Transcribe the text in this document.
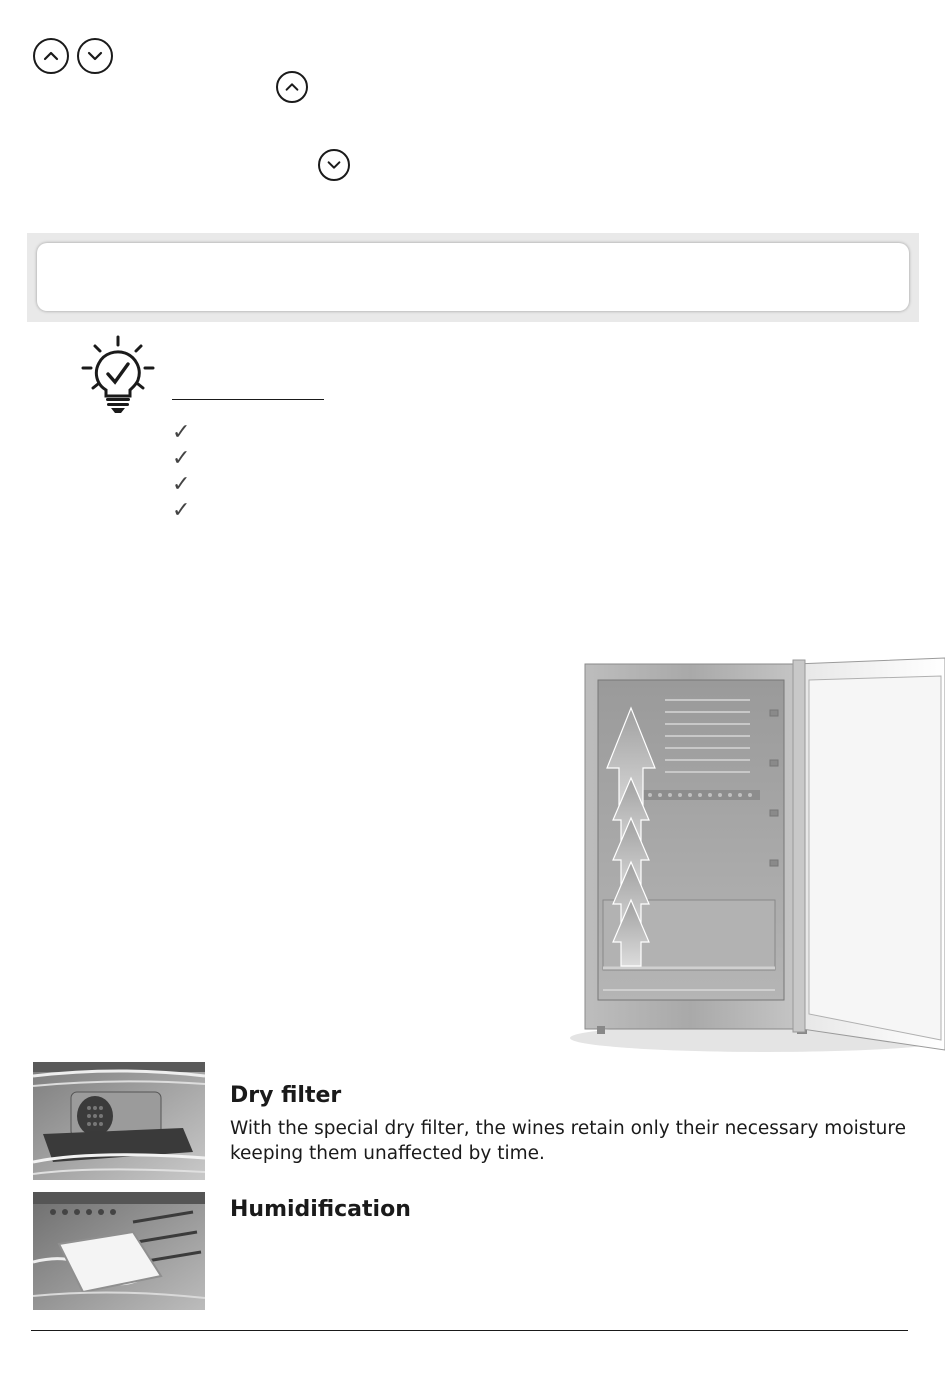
✓
✓
✓
✓
Dry filter

With the special dry filter, the wines retain only their necessary moisture keeping them unaffected by time.

Humidification
